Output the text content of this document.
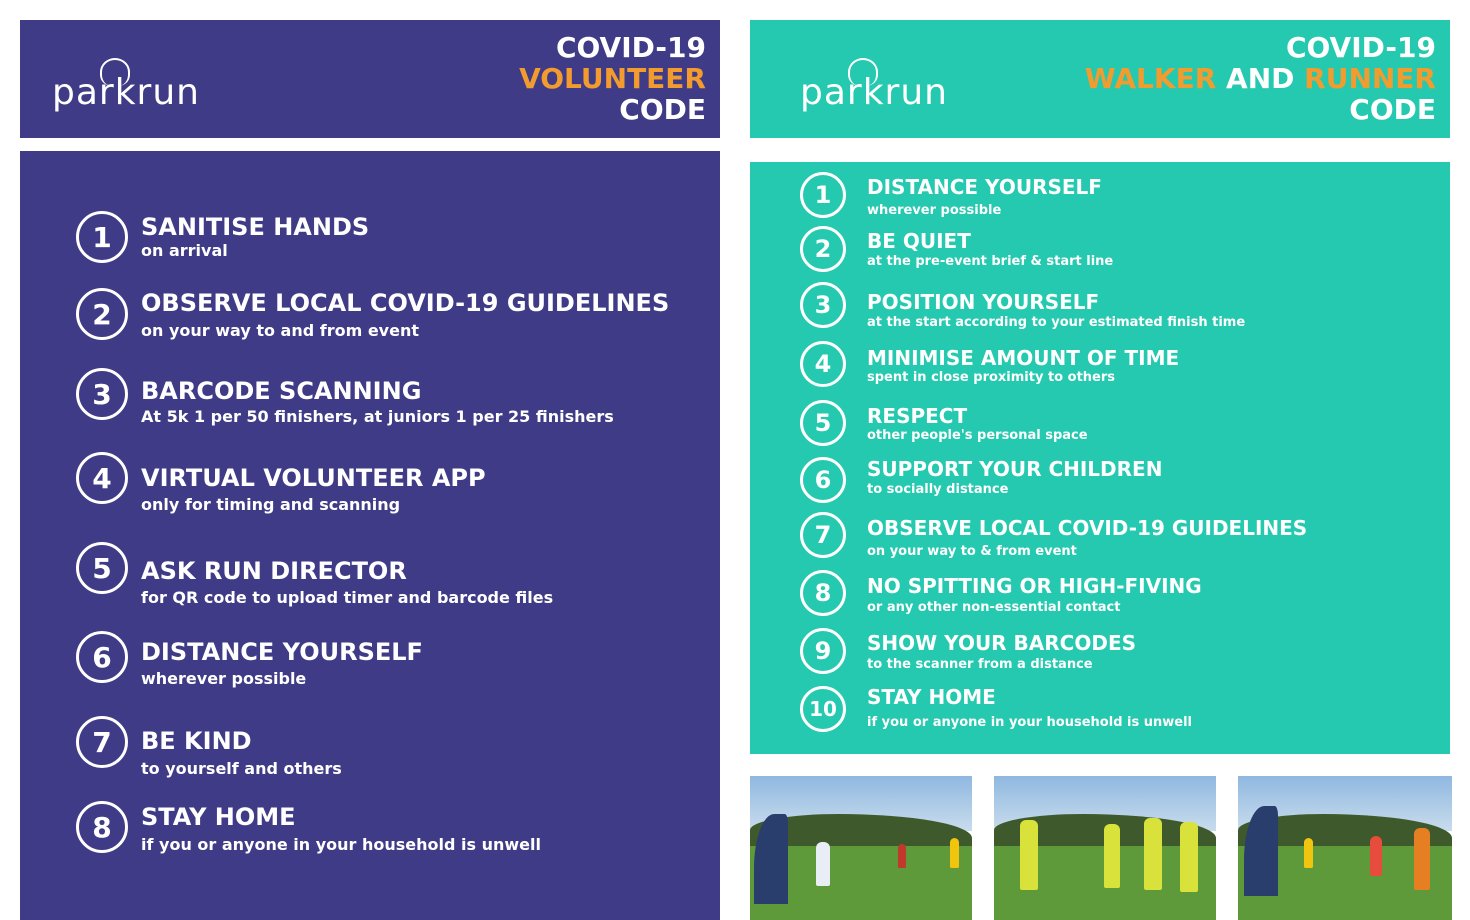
parkrun
COVID-19
VOLUNTEER
CODE	parkrun
COVID-19
WALKER AND RUNNER
CODE
1	SANITISE HANDS
on arrival
2	OBSERVE LOCAL COVID-19 GUIDELINES
on your way to and from event
3	BARCODE SCANNING
At 5k 1 per 50 finishers, at juniors 1 per 25 finishers
4	VIRTUAL VOLUNTEER APP
only for timing and scanning
5	ASK RUN DIRECTOR
for QR code to upload timer and barcode files
6	DISTANCE YOURSELF
wherever possible
7	BE KIND
to yourself and others
8	STAY HOME
if you or anyone in your household is unwell
1	DISTANCE YOURSELF
wherever possible
2	BE QUIET
at the pre-event brief & start line
3	POSITION YOURSELF
at the start according to your estimated finish time
4	MINIMISE AMOUNT OF TIME
spent in close proximity to others
5	RESPECT
other people's personal space
6	SUPPORT YOUR CHILDREN
to socially distance
7	OBSERVE LOCAL COVID-19 GUIDELINES
on your way to & from event
8	NO SPITTING OR HIGH-FIVING
or any other non-essential contact
9	SHOW YOUR BARCODES
to the scanner from a distance
10	STAY HOME
if you or anyone in your household is unwell
